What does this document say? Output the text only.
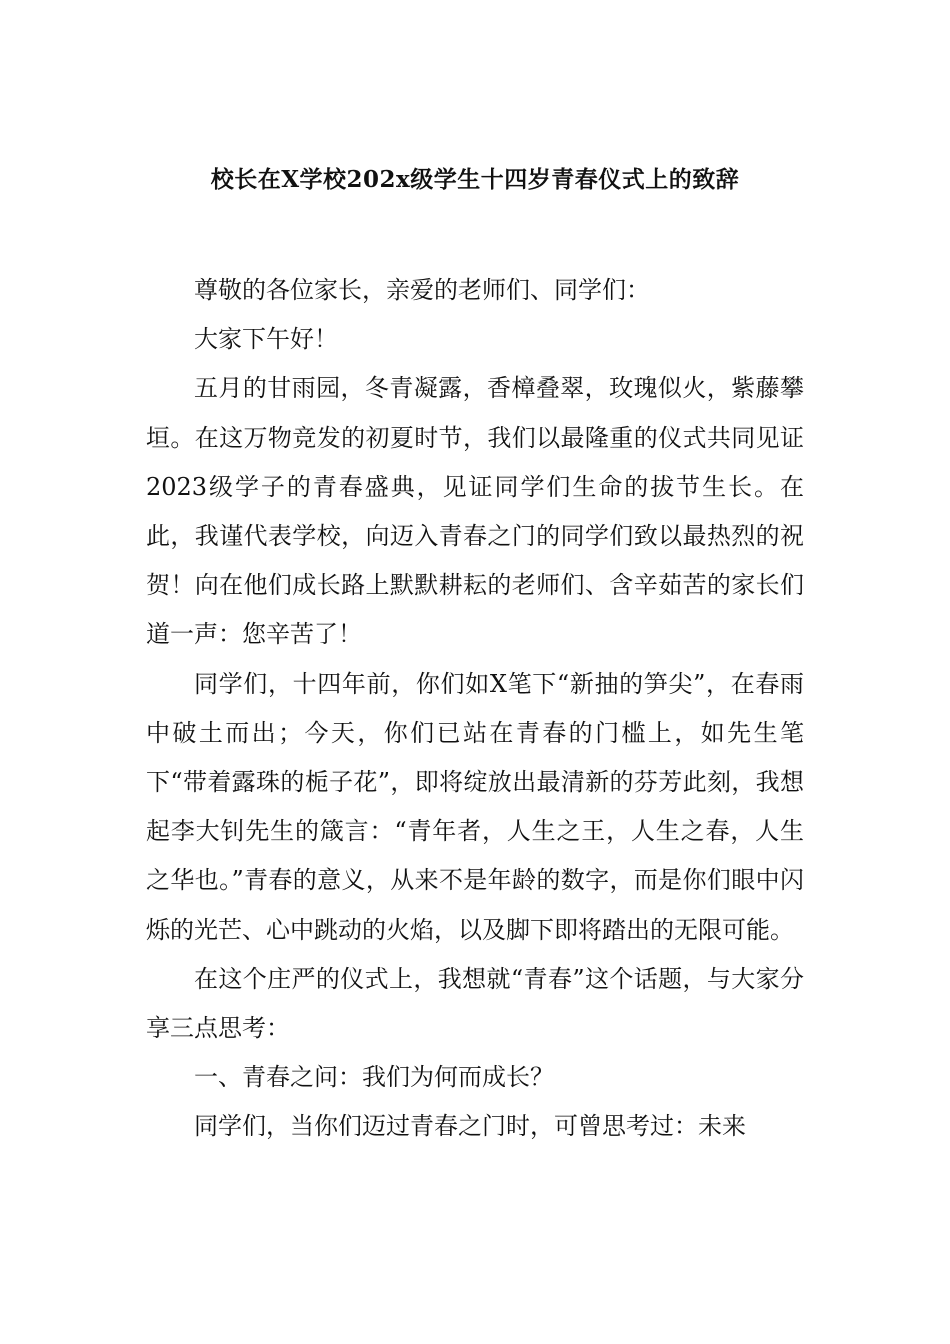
校长在X学校202x级学生十四岁青春仪式上的致辞

尊敬的各位家长，亲爱的老师们、同学们：

大家下午好！

五月的甘雨园，冬青凝露，香樟叠翠，玫瑰似火，紫藤攀垣。在这万物竞发的初夏时节，我们以最隆重的仪式共同见证2023级学子的青春盛典，见证同学们生命的拔节生长。在此，我谨代表学校，向迈入青春之门的同学们致以最热烈的祝贺！向在他们成长路上默默耕耘的老师们、含辛茹苦的家长们道一声：您辛苦了！

同学们，十四年前，你们如X笔下“新抽的笋尖”，在春雨中破土而出；今天，你们已站在青春的门槛上，如先生笔下“带着露珠的栀子花”，即将绽放出最清新的芬芳此刻，我想起李大钊先生的箴言：“青年者，人生之王，人生之春，人生之华也。”青春的意义，从来不是年龄的数字，而是你们眼中闪烁的光芒、心中跳动的火焰，以及脚下即将踏出的无限可能。

在这个庄严的仪式上，我想就“青春”这个话题，与大家分享三点思考：

一、青春之问：我们为何而成长？

同学们，当你们迈过青春之门时，可曾思考过：未来
